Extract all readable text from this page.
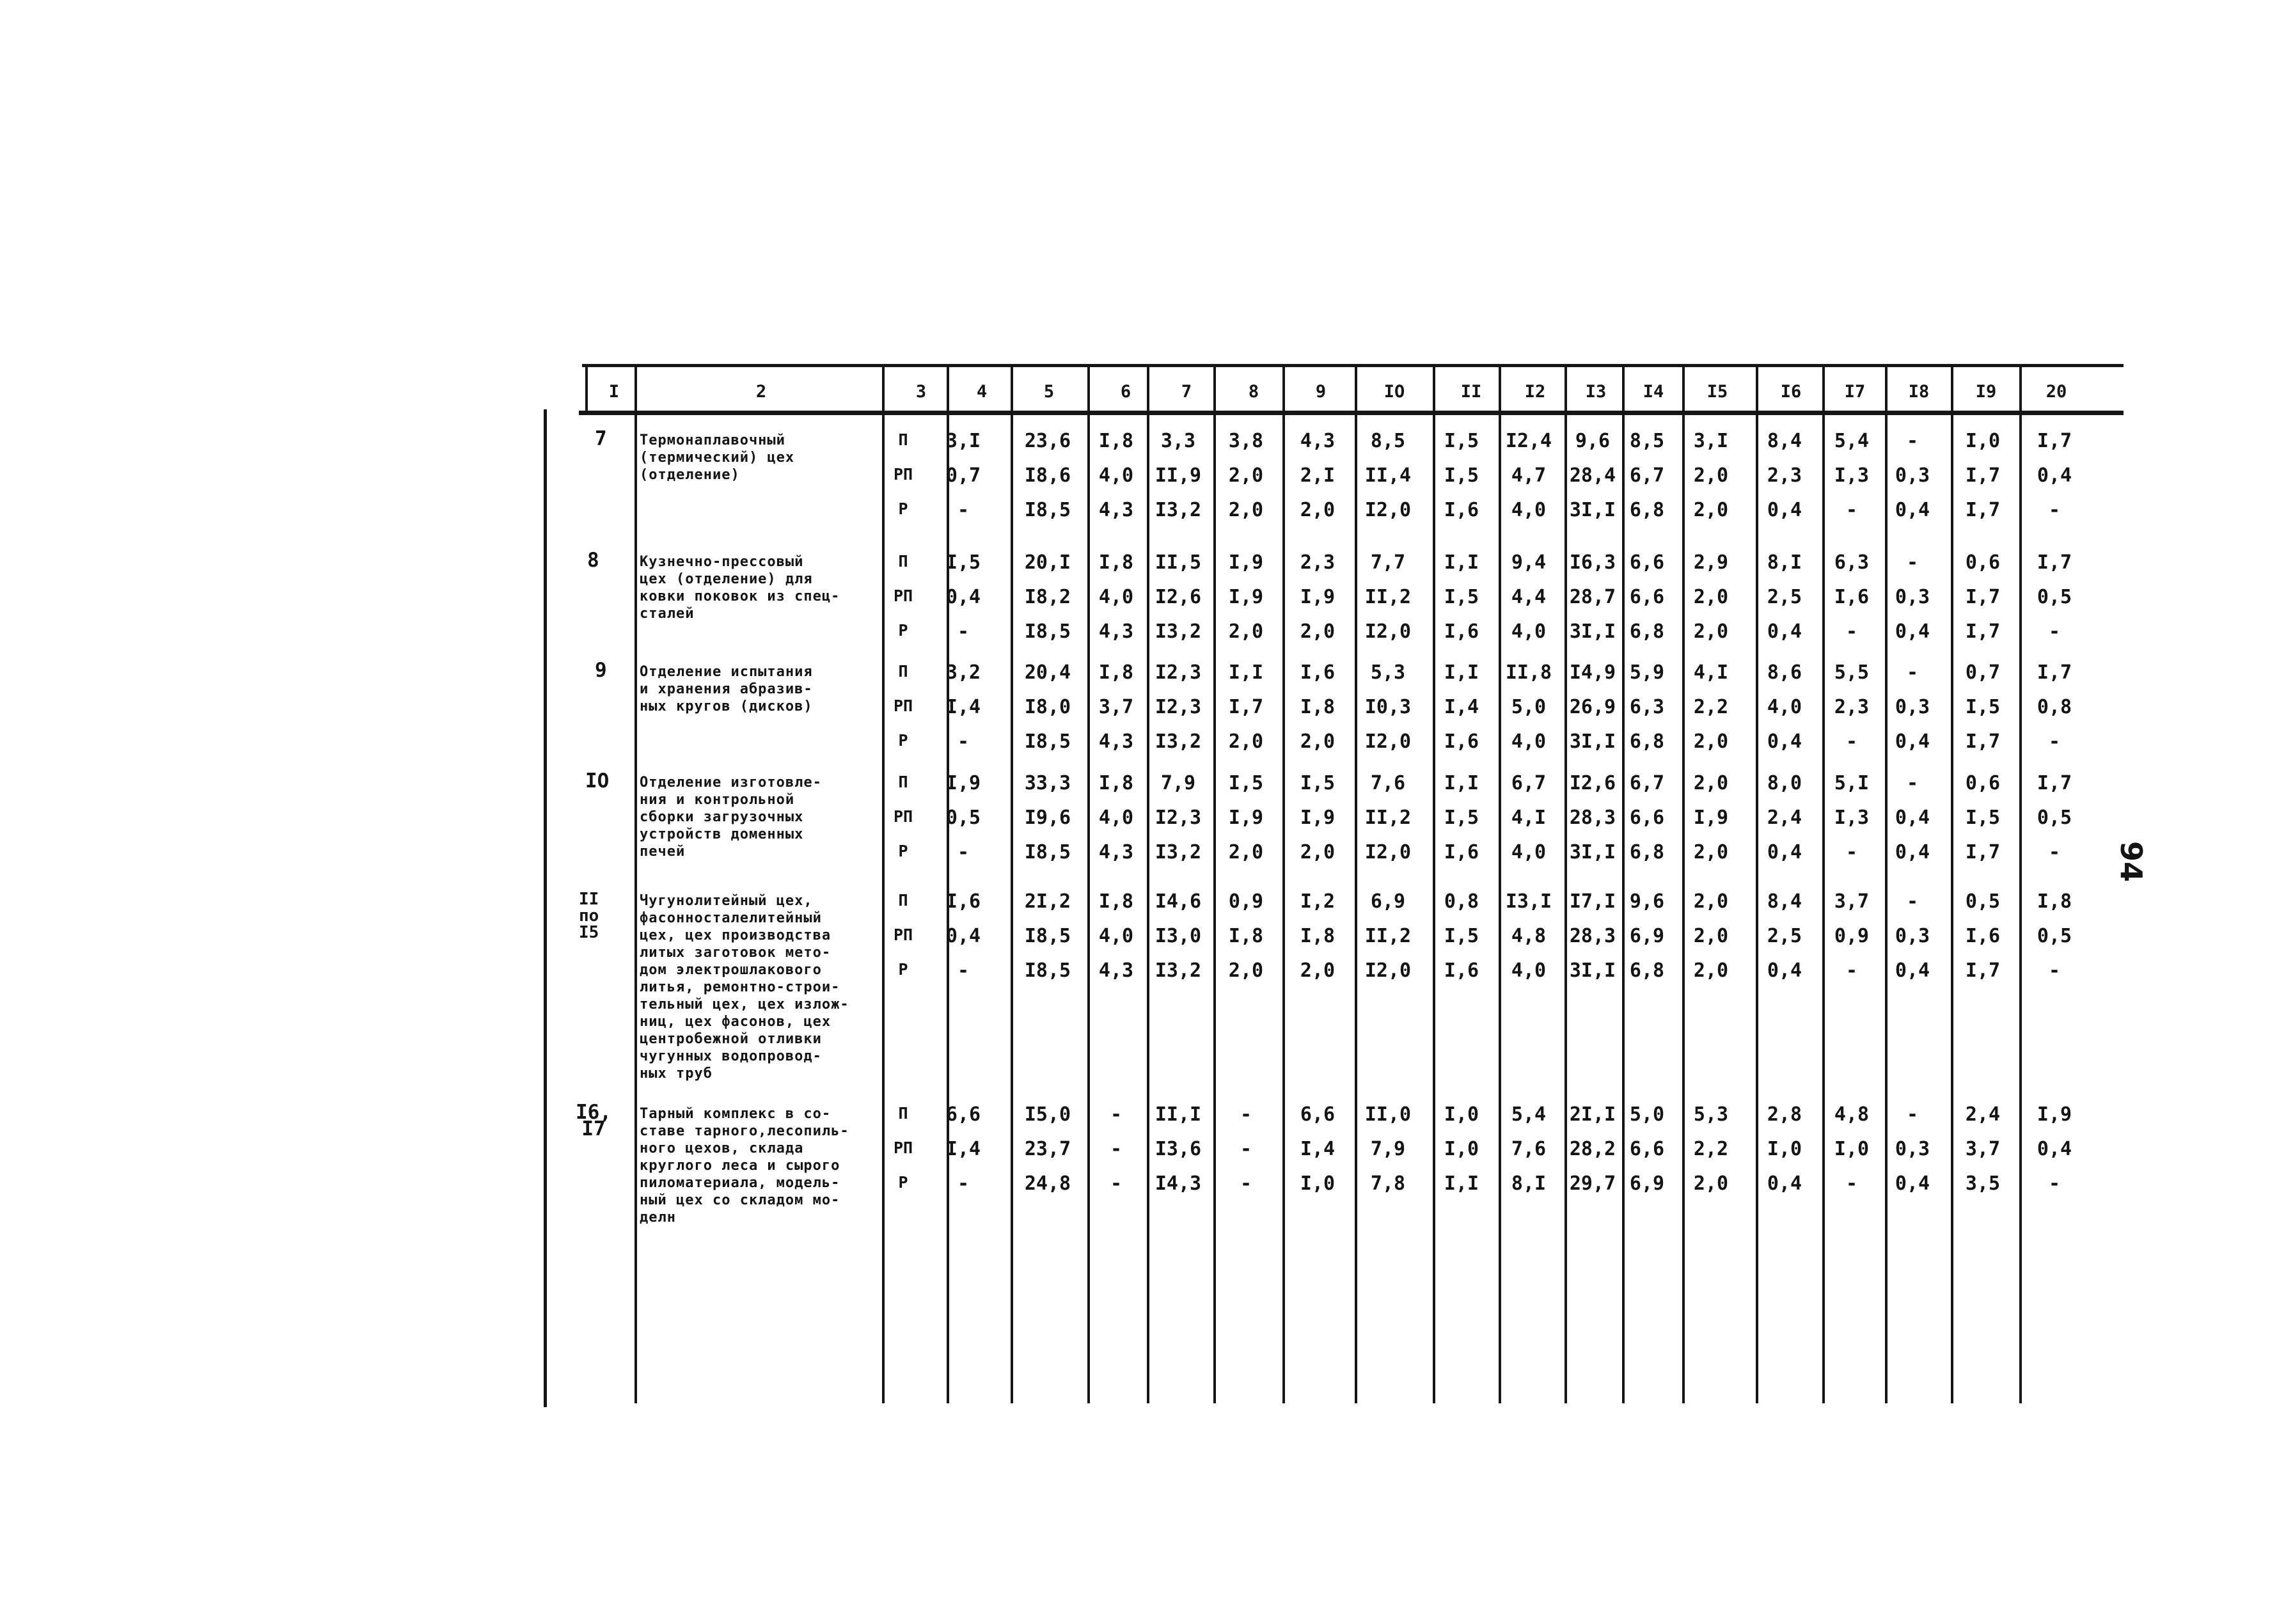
I	2	3	4	5	6	7	8	9	IO	II	I2	I3	I4	I5	I6	I7	I8	I9	20
7 Термонаплавочный
(термический) цех
(отделение)
П 3,I 23,6 I,8 3,3 3,8 4,3 8,5 I,5 I2,4 9,6 8,5 3,I 8,4 5,4 - I,0 I,7
РП 0,7 I8,6 4,0 II,9 2,0 2,I II,4 I,5 4,7 28,4 6,7 2,0 2,3 I,3 0,3 I,7 0,4
Р	-	I8,5 4,3 I3,2 2,0 2,0 I2,0 I,6 4,0 3I,I 6,8 2,0 0,4 - 0,4 I,7	-
8	Кузнечно-прессовый
цех (отделение) для
ковки поковок из спец-
сталей
П I,5 20,I I,8 II,5 I,9 2,3 7,7 I,I 9,4 I6,3 6,6 2,9 8,I 6,3 - 0,6 I,7
РП 0,4 I8,2 4,0 I2,6 I,9 I,9 II,2 I,5 4,4 28,7 6,6 2,0 2,5 I,6 0,3 I,7 0,5
Р	-	I8,5 4,3 I3,2 2,0 2,0 I2,0 I,6 4,0 3I,I 6,8 2,0 0,4 - 0,4 I,7	-
9 Отделение испытания
и хранения абразив-
ных кругов (дисков)
П 3,2 20,4 I,8 I2,3 I,I I,6 5,3 I,I II,8 I4,9 5,9 4,I 8,6 5,5 - 0,7 I,7
РП I,4 I8,0 3,7 I2,3 I,7 I,8 I0,3 I,4 5,0 26,9 6,3 2,2 4,0 2,3 0,3 I,5 0,8
Р	-	I8,5 4,3 I3,2 2,0 2,0 I2,0 I,6 4,0 3I,I 6,8 2,0 0,4 - 0,4 I,7	-
IO Отделение изготовле-
ния и контрольной
сборки загрузочных
устройств доменных
печей
П I,9 33,3 I,8 7,9 I,5 I,5 7,6 I,I 6,7 I2,6 6,7 2,0 8,0 5,I - 0,6 I,7
РП 0,5 I9,6 4,0 I2,3 I,9 I,9 II,2 I,5 4,I 28,3 6,6 I,9 2,4 I,3 0,4 I,5 0,5
Р	-	I8,5 4,3 I3,2 2,0 2,0 I2,0 I,6 4,0 3I,I 6,8 2,0 0,4 - 0,4 I,7	-
II
по
I5
Чугунолитейный цех,
фасонносталелитейный
цех, цех производства
литых заготовок мето-
дом электрошлакового
литья, ремонтно-строи-
тельный цех, цех излож-
ниц, цех фасонов, цех
центробежной отливки
чугунных водопровод-
ных труб
П I,6 2I,2 I,8 I4,6 0,9 I,2 6,9 0,8 I3,I I7,I 9,6 2,0 8,4 3,7 - 0,5 I,8
РП 0,4 I8,5 4,0 I3,0 I,8 I,8 II,2 I,5 4,8 28,3 6,9 2,0 2,5 0,9 0,3 I,6 0,5
Р	-	I8,5 4,3 I3,2 2,0 2,0 I2,0 I,6 4,0 3I,I 6,8 2,0 0,4 - 0,4 I,7	-
I6,
I7
Тарный комплекс в со-
ставе тарного,лесопиль-
ного цехов, склада
круглого леса и сырого
пиломатериала, модель-
ный цех со складом мо-
делн
П 6,6 I5,0 - II,I -	6,6 II,0 I,0 5,4 2I,I 5,0 5,3 2,8 4,8 - 2,4 I,9
РП I,4 23,7 - I3,6 -	I,4 7,9 I,0 7,6 28,2 6,6 2,2 I,0 I,0 0,3 3,7 0,4
Р	-	24,8 - I4,3 -	I,0 7,8 I,I 8,I 29,7 6,9 2,0 0,4 - 0,4 3,5	-
94
